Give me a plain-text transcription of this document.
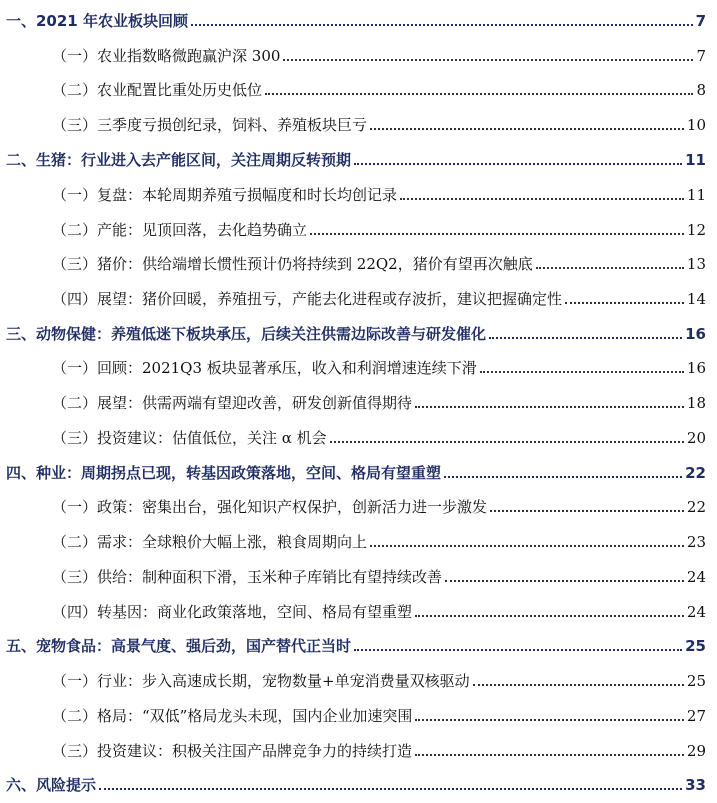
一、2021 年农业板块回顾	7
（一）农业指数略微跑赢沪深 300	7
（二）农业配置比重处历史低位	8
（三）三季度亏损创纪录，饲料、养殖板块巨亏	10
二、生猪：行业进入去产能区间，关注周期反转预期	11
（一）复盘：本轮周期养殖亏损幅度和时长均创记录	11
（二）产能：见顶回落，去化趋势确立	12
（三）猪价：供给端增长惯性预计仍将持续到 22Q2，猪价有望再次触底	13
（四）展望：猪价回暖，养殖扭亏，产能去化进程或存波折，建议把握确定性	14
三、动物保健：养殖低迷下板块承压，后续关注供需边际改善与研发催化	16
（一）回顾：2021Q3 板块显著承压，收入和利润增速连续下滑	16
（二）展望：供需两端有望迎改善，研发创新值得期待	18
（三）投资建议：估值低位，关注 α 机会	20
四、种业：周期拐点已现，转基因政策落地，空间、格局有望重塑	22
（一）政策：密集出台，强化知识产权保护，创新活力进一步激发	22
（二）需求：全球粮价大幅上涨，粮食周期向上	23
（三）供给：制种面积下滑，玉米种子库销比有望持续改善	24
（四）转基因：商业化政策落地，空间、格局有望重塑	24
五、宠物食品：高景气度、强后劲，国产替代正当时	25
（一）行业：步入高速成长期，宠物数量+单宠消费量双核驱动	25
（二）格局：“双低”格局龙头未现，国内企业加速突围	27
（三）投资建议：积极关注国产品牌竞争力的持续打造	29
六、风险提示	33
